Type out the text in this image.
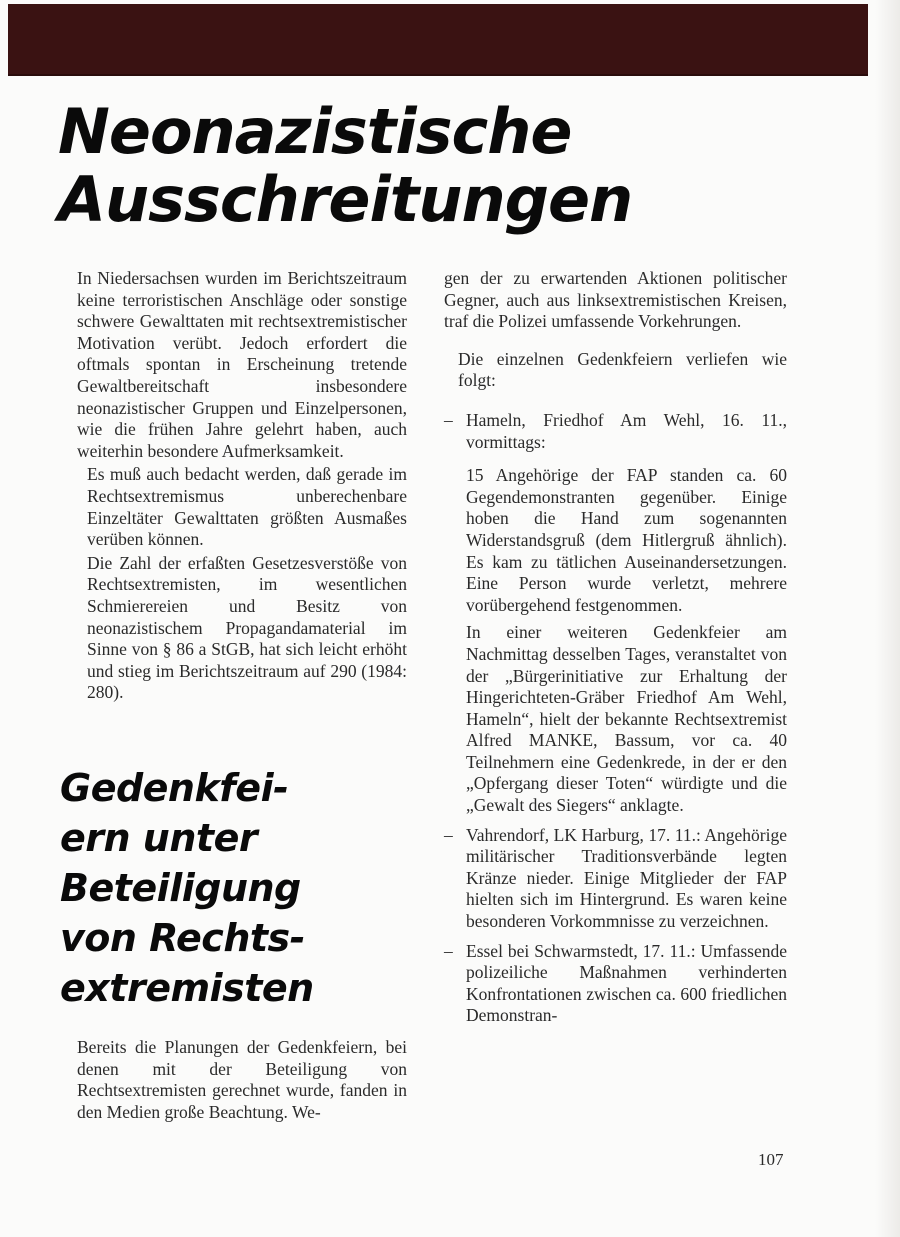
Neonazistische
Ausschreitungen

In Niedersachsen wurden im Berichtszeitraum keine terroristischen Anschläge oder sonstige schwere Gewalttaten mit rechtsextremistischer Motivation verübt. Jedoch erfordert die oftmals spontan in Erscheinung tretende Gewaltbereitschaft insbesondere neonazistischer Gruppen und Einzelpersonen, wie die frühen Jahre gelehrt haben, auch weiterhin besondere Aufmerksamkeit.

Es muß auch bedacht werden, daß gerade im Rechtsextremismus unberechenbare Einzeltäter Gewalttaten größten Ausmaßes verüben können.

Die Zahl der erfaßten Gesetzesverstöße von Rechtsextremisten, im wesentlichen Schmierereien und Besitz von neonazistischem Propagandamaterial im Sinne von § 86 a StGB, hat sich leicht erhöht und stieg im Berichtszeitraum auf 290 (1984: 280).

Gedenkfei-
ern unter
Beteiligung
von Rechts-
extremisten

Bereits die Planungen der Gedenkfeiern, bei denen mit der Beteiligung von Rechtsextremisten gerechnet wurde, fanden in den Medien große Beachtung. We-

gen der zu erwartenden Aktionen politischer Gegner, auch aus linksextremistischen Kreisen, traf die Polizei umfassende Vorkehrungen.

Die einzelnen Gedenkfeiern verliefen wie folgt:

– Hameln, Friedhof Am Wehl, 16. 11., vormittags:

15 Angehörige der FAP standen ca. 60 Gegendemonstranten gegenüber. Einige hoben die Hand zum sogenannten Widerstandsgruß (dem Hitlergruß ähnlich). Es kam zu tätlichen Auseinandersetzungen. Eine Person wurde verletzt, mehrere vorübergehend festgenommen.

In einer weiteren Gedenkfeier am Nachmittag desselben Tages, veranstaltet von der „Bürgerinitiative zur Erhaltung der Hingerichteten-Gräber Friedhof Am Wehl, Hameln“, hielt der bekannte Rechtsextremist Alfred MANKE, Bassum, vor ca. 40 Teilnehmern eine Gedenkrede, in der er den „Opfergang dieser Toten“ würdigte und die „Gewalt des Siegers“ anklagte.

– Vahrendorf, LK Harburg, 17. 11.: Angehörige militärischer Traditionsverbände legten Kränze nieder. Einige Mitglieder der FAP hielten sich im Hintergrund. Es waren keine besonderen Vorkommnisse zu verzeichnen.

– Essel bei Schwarmstedt, 17. 11.: Umfassende polizeiliche Maßnahmen verhinderten Konfrontationen zwischen ca. 600 friedlichen Demonstran-

107
